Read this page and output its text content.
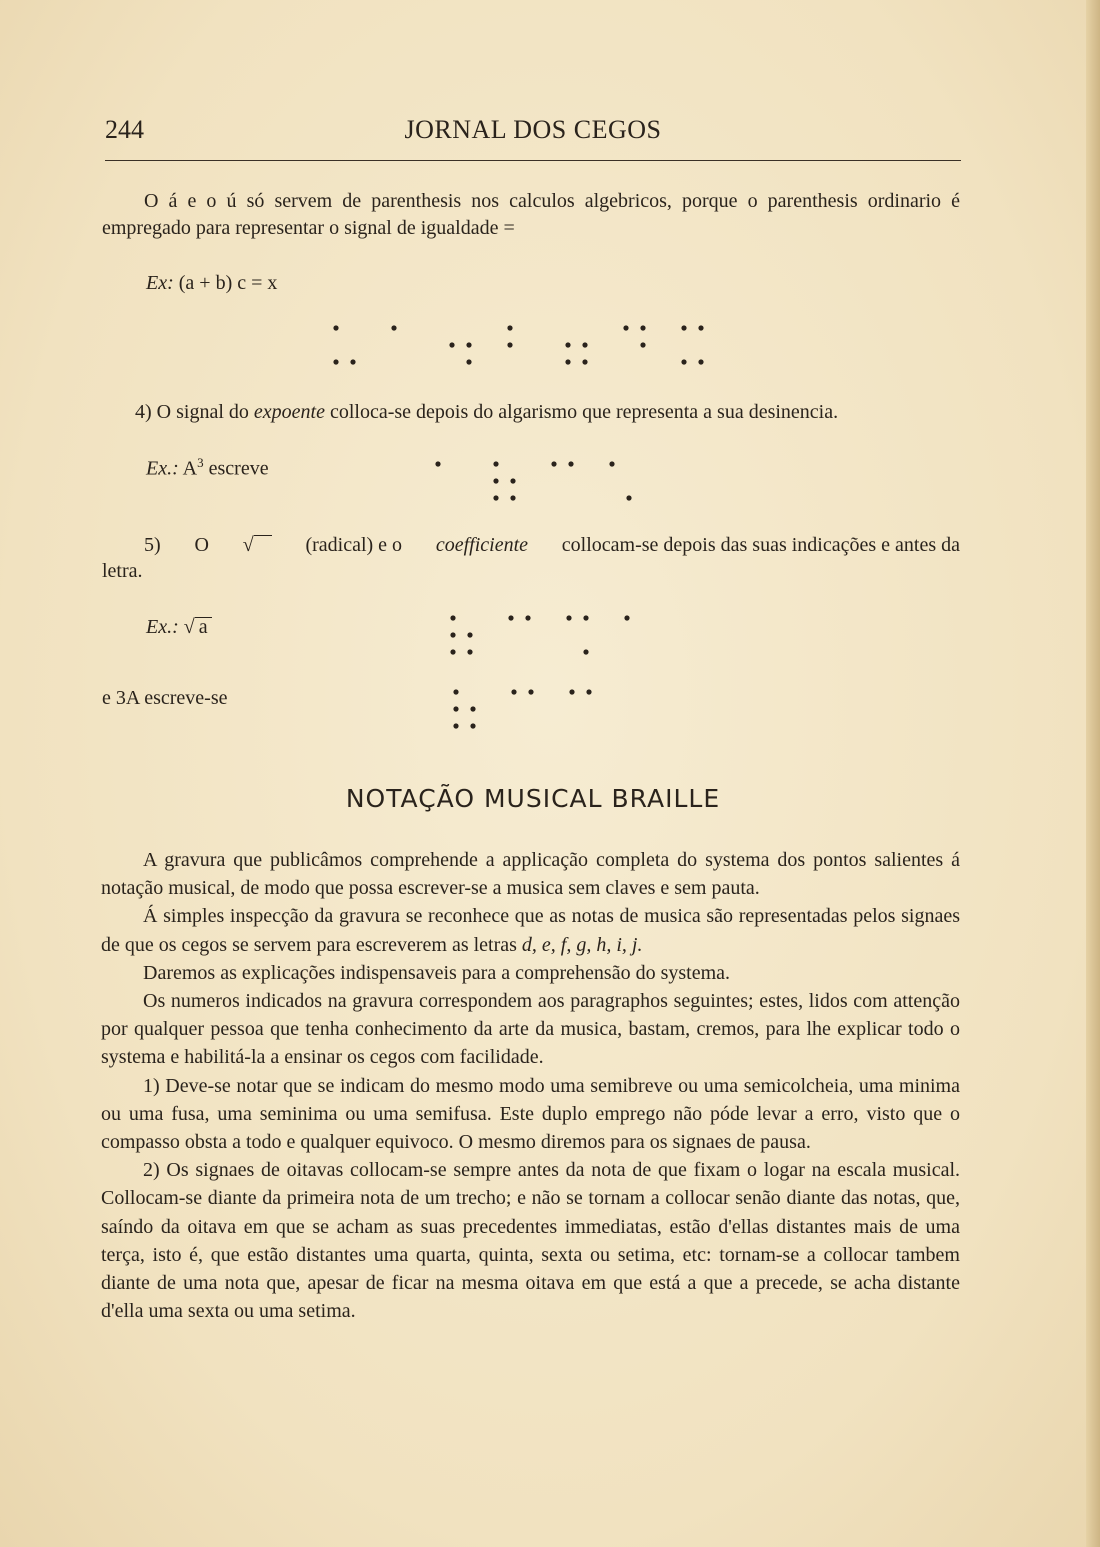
244	JORNAL DOS CEGOS

O á e o ú só servem de parenthesis nos calculos algebricos, porque o parenthesis ordinario é empregado para representar o signal de igualdade =

Ex: (a + b) c = x
4) O signal do expoente colloca-se depois do algarismo que representa a sua desinencia.
Ex.: $A^3$ escreve
5) O √	(radical) e o coefficiente collocam-se depois das suas indicações e antes da
letra.
Ex.: √ a
e 3A escreve-se
NOTAÇÃO MUSICAL BRAILLE

A gravura que publicâmos comprehende a applicação completa do systema dos pontos salientes á notação musical, de modo que possa escrever-se a musica sem claves e sem pauta.

Á simples inspecção da gravura se reconhece que as notas de musica são representadas pelos signaes de que os cegos se servem para escreverem as letras d, e, f, g, h, i, j.

Daremos as explicações indispensaveis para a comprehensão do systema.

Os numeros indicados na gravura correspondem aos paragraphos seguintes; estes, lidos com attenção por qualquer pessoa que tenha conhecimento da arte da musica, bastam, cremos, para lhe explicar todo o systema e habilitá-la a ensinar os cegos com facilidade.

1) Deve-se notar que se indicam do mesmo modo uma semibreve ou uma semicolcheia, uma minima ou uma fusa, uma seminima ou uma semifusa. Este duplo emprego não póde levar a erro, visto que o compasso obsta a todo e qualquer equivoco. O mesmo diremos para os signaes de pausa.

2) Os signaes de oitavas collocam-se sempre antes da nota de que fixam o logar na escala musical. Collocam-se diante da primeira nota de um trecho; e não se tornam a collocar senão diante das notas, que, saíndo da oitava em que se acham as suas precedentes immediatas, estão d'ellas distantes mais de uma terça, isto é, que estão distantes uma quarta, quinta, sexta ou setima, etc: tornam-se a collocar tambem diante de uma nota que, apesar de ficar na mesma oitava em que está a que a precede, se acha distante d'ella uma sexta ou uma setima.
